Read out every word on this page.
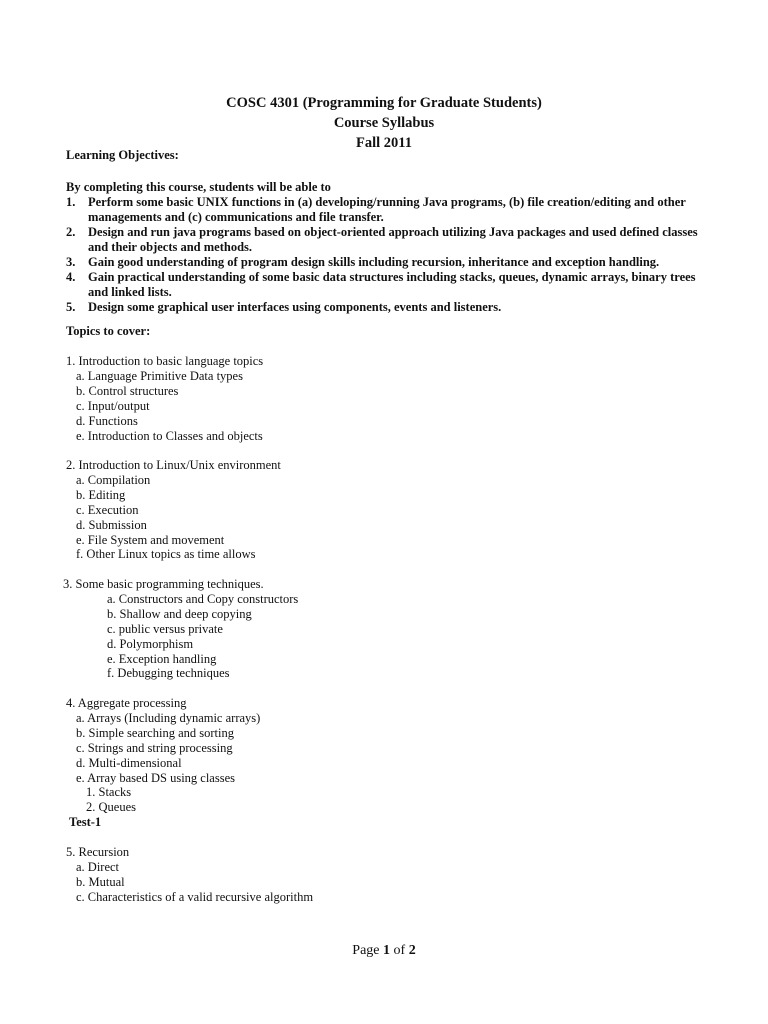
COSC 4301 (Programming for Graduate Students)
Course Syllabus
Fall 2011
Learning Objectives:
By completing this course, students will be able to
1.	Perform some basic UNIX functions in (a) developing/running Java programs, (b) file creation/editing and other managements and (c) communications and file transfer.
2.	Design and run java programs based on object-oriented approach utilizing Java packages and used defined classes and their objects and methods.
3.	Gain good understanding of program design skills including recursion, inheritance and exception handling.
4.	Gain practical understanding of some basic data structures including stacks, queues, dynamic arrays, binary trees and linked lists.
5.	Design some graphical user interfaces using components, events and listeners.
Topics to cover:
1. Introduction to basic language topics
a. Language Primitive Data types
b. Control structures
c. Input/output
d. Functions
e. Introduction to Classes and objects
2. Introduction to Linux/Unix environment
a. Compilation
b. Editing
c. Execution
d. Submission
e. File System and movement
f. Other Linux topics as time allows
3. Some basic programming techniques.
a. Constructors and Copy constructors
b. Shallow and deep copying
c. public versus private
d. Polymorphism
e. Exception handling
f. Debugging techniques
4. Aggregate processing
a. Arrays (Including dynamic arrays)
b. Simple searching and sorting
c. Strings and string processing
d. Multi-dimensional
e. Array based DS using classes
1. Stacks
2. Queues
Test-1
5. Recursion
a. Direct
b. Mutual
c. Characteristics of a valid recursive algorithm
Page 1 of 2
